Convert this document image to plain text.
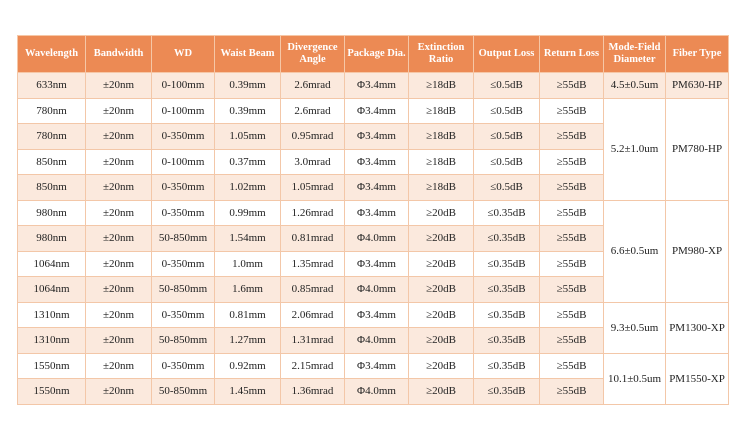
Wavelength	Bandwidth	WD	Waist Beam	Divergence Angle	Package Dia.	Extinction Ratio	Output Loss	Return Loss	Mode-Field Diameter	Fiber Type
633nm	±20nm	0-100mm	0.39mm	2.6mrad	Φ3.4mm	≥18dB	≤0.5dB	≥55dB	4.5±0.5um	PM630-HP
780nm	±20nm	0-100mm	0.39mm	2.6mrad	Φ3.4mm	≥18dB	≤0.5dB	≥55dB	5.2±1.0um	PM780-HP
780nm	±20nm	0-350mm	1.05mm	0.95mrad	Φ3.4mm	≥18dB	≤0.5dB	≥55dB		
850nm	±20nm	0-100mm	0.37mm	3.0mrad	Φ3.4mm	≥18dB	≤0.5dB	≥55dB		
850nm	±20nm	0-350mm	1.02mm	1.05mrad	Φ3.4mm	≥18dB	≤0.5dB	≥55dB		
980nm	±20nm	0-350mm	0.99mm	1.26mrad	Φ3.4mm	≥20dB	≤0.35dB	≥55dB	6.6±0.5um	PM980-XP
980nm	±20nm	50-850mm	1.54mm	0.81mrad	Φ4.0mm	≥20dB	≤0.35dB	≥55dB		
1064nm	±20nm	0-350mm	1.0mm	1.35mrad	Φ3.4mm	≥20dB	≤0.35dB	≥55dB		
1064nm	±20nm	50-850mm	1.6mm	0.85mrad	Φ4.0mm	≥20dB	≤0.35dB	≥55dB		
1310nm	±20nm	0-350mm	0.81mm	2.06mrad	Φ3.4mm	≥20dB	≤0.35dB	≥55dB	9.3±0.5um	PM1300-XP
1310nm	±20nm	50-850mm	1.27mm	1.31mrad	Φ4.0mm	≥20dB	≤0.35dB	≥55dB		
1550nm	±20nm	0-350mm	0.92mm	2.15mrad	Φ3.4mm	≥20dB	≤0.35dB	≥55dB	10.1±0.5um	PM1550-XP
1550nm	±20nm	50-850mm	1.45mm	1.36mrad	Φ4.0mm	≥20dB	≤0.35dB	≥55dB		
